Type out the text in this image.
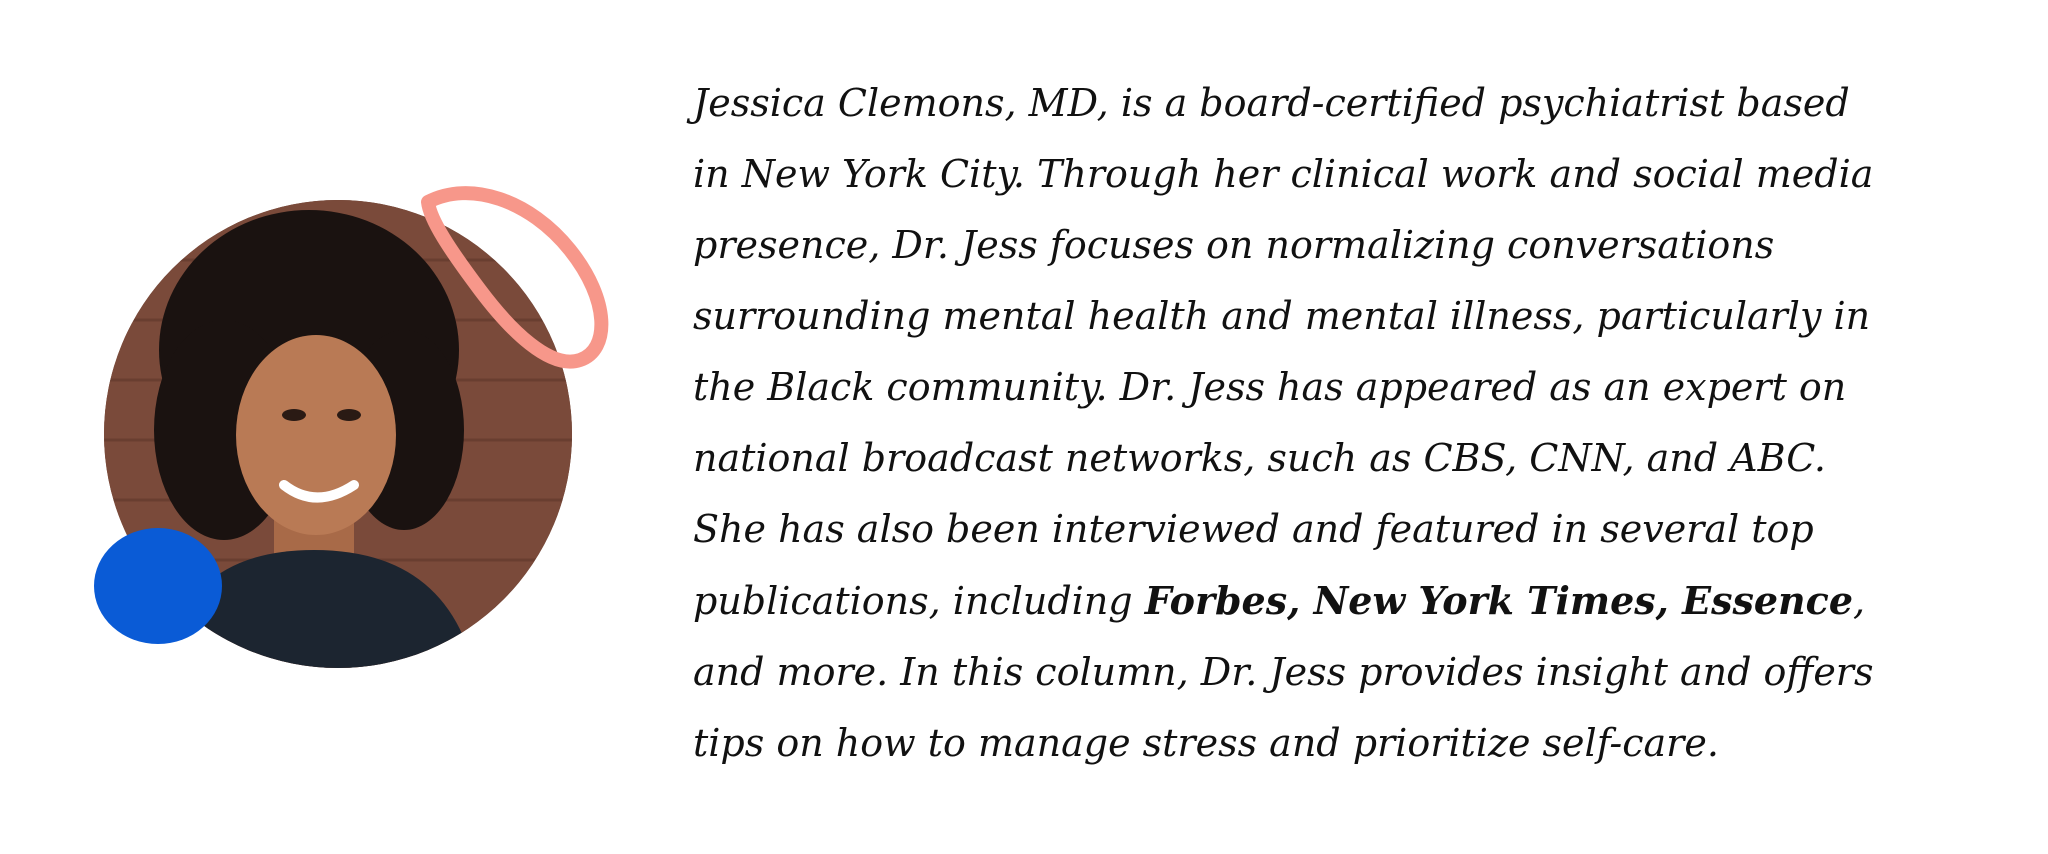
Jessica Clemons, MD, is a board-certified psychiatrist based
in New York City. Through her clinical work and social media
presence, Dr. Jess focuses on normalizing conversations
surrounding mental health and mental illness, particularly in
the Black community. Dr. Jess has appeared as an expert on
national broadcast networks, such as CBS, CNN, and ABC.
She has also been interviewed and featured in several top
publications, including Forbes, New York Times, Essence,
and more. In this column, Dr. Jess provides insight and offers
tips on how to manage stress and prioritize self-care.
